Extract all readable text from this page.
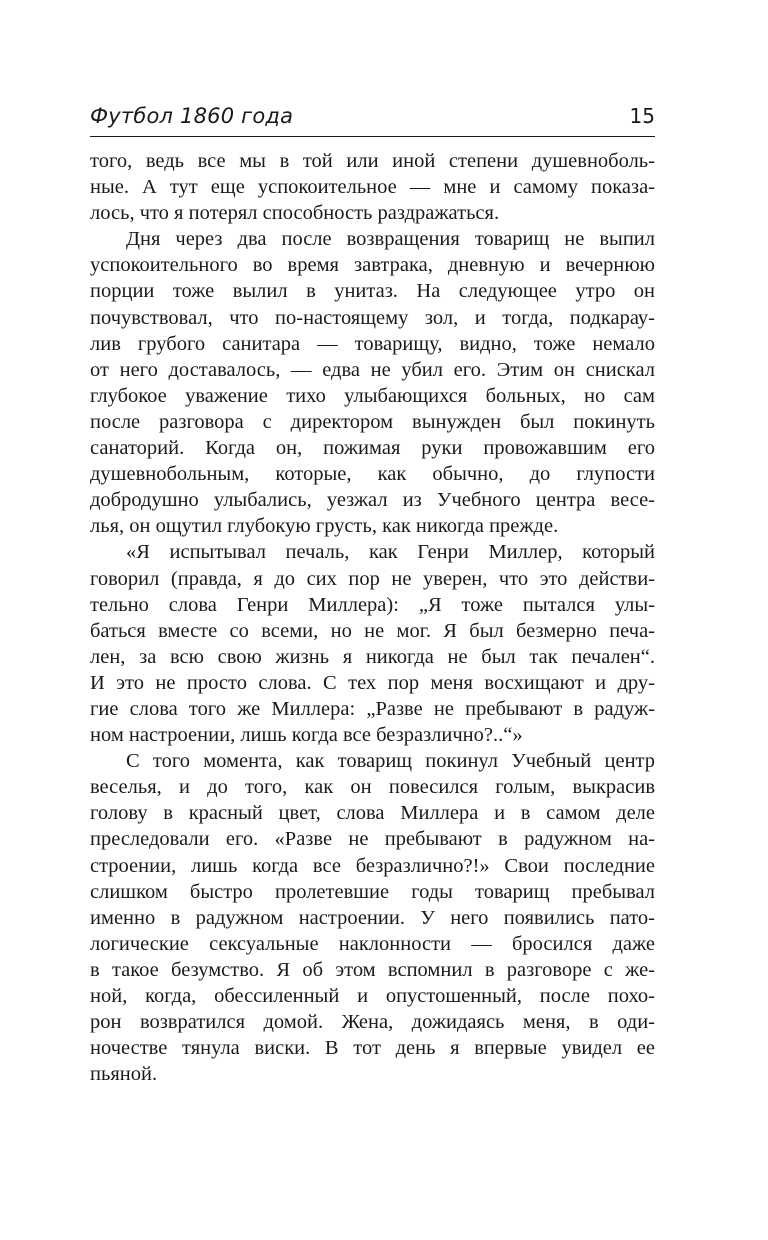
Футбол 1860 года	15
того, ведь все мы в той или иной степени душевноболь-
ные. А тут еще успокоительное — мне и самому показа-
лось, что я потерял способность раздражаться.
Дня через два после возвращения товарищ не выпил
успокоительного во время завтрака, дневную и вечернюю
порции тоже вылил в унитаз. На следующее утро он
почувствовал, что по-настоящему зол, и тогда, подкарау-
лив грубого санитара — товарищу, видно, тоже немало
от него доставалось, — едва не убил его. Этим он снискал
глубокое уважение тихо улыбающихся больных, но сам
после разговора с директором вынужден был покинуть
санаторий. Когда он, пожимая руки провожавшим его
душевнобольным, которые, как обычно, до глупости
добродушно улыбались, уезжал из Учебного центра весе-
лья, он ощутил глубокую грусть, как никогда прежде.
«Я испытывал печаль, как Генри Миллер, который
говорил (правда, я до сих пор не уверен, что это действи-
тельно слова Генри Миллера): „Я тоже пытался улы-
баться вместе со всеми, но не мог. Я был безмерно печа-
лен, за всю свою жизнь я никогда не был так печален“.
И это не просто слова. С тех пор меня восхищают и дру-
гие слова того же Миллера: „Разве не пребывают в радуж-
ном настроении, лишь когда все безразлично?..“»
С того момента, как товарищ покинул Учебный центр
веселья, и до того, как он повесился голым, выкрасив
голову в красный цвет, слова Миллера и в самом деле
преследовали его. «Разве не пребывают в радужном на-
строении, лишь когда все безразлично?!» Свои последние
слишком быстро пролетевшие годы товарищ пребывал
именно в радужном настроении. У него появились пато-
логические сексуальные наклонности — бросился даже
в такое безумство. Я об этом вспомнил в разговоре с же-
ной, когда, обессиленный и опустошенный, после похо-
рон возвратился домой. Жена, дожидаясь меня, в оди-
ночестве тянула виски. В тот день я впервые увидел ее
пьяной.
